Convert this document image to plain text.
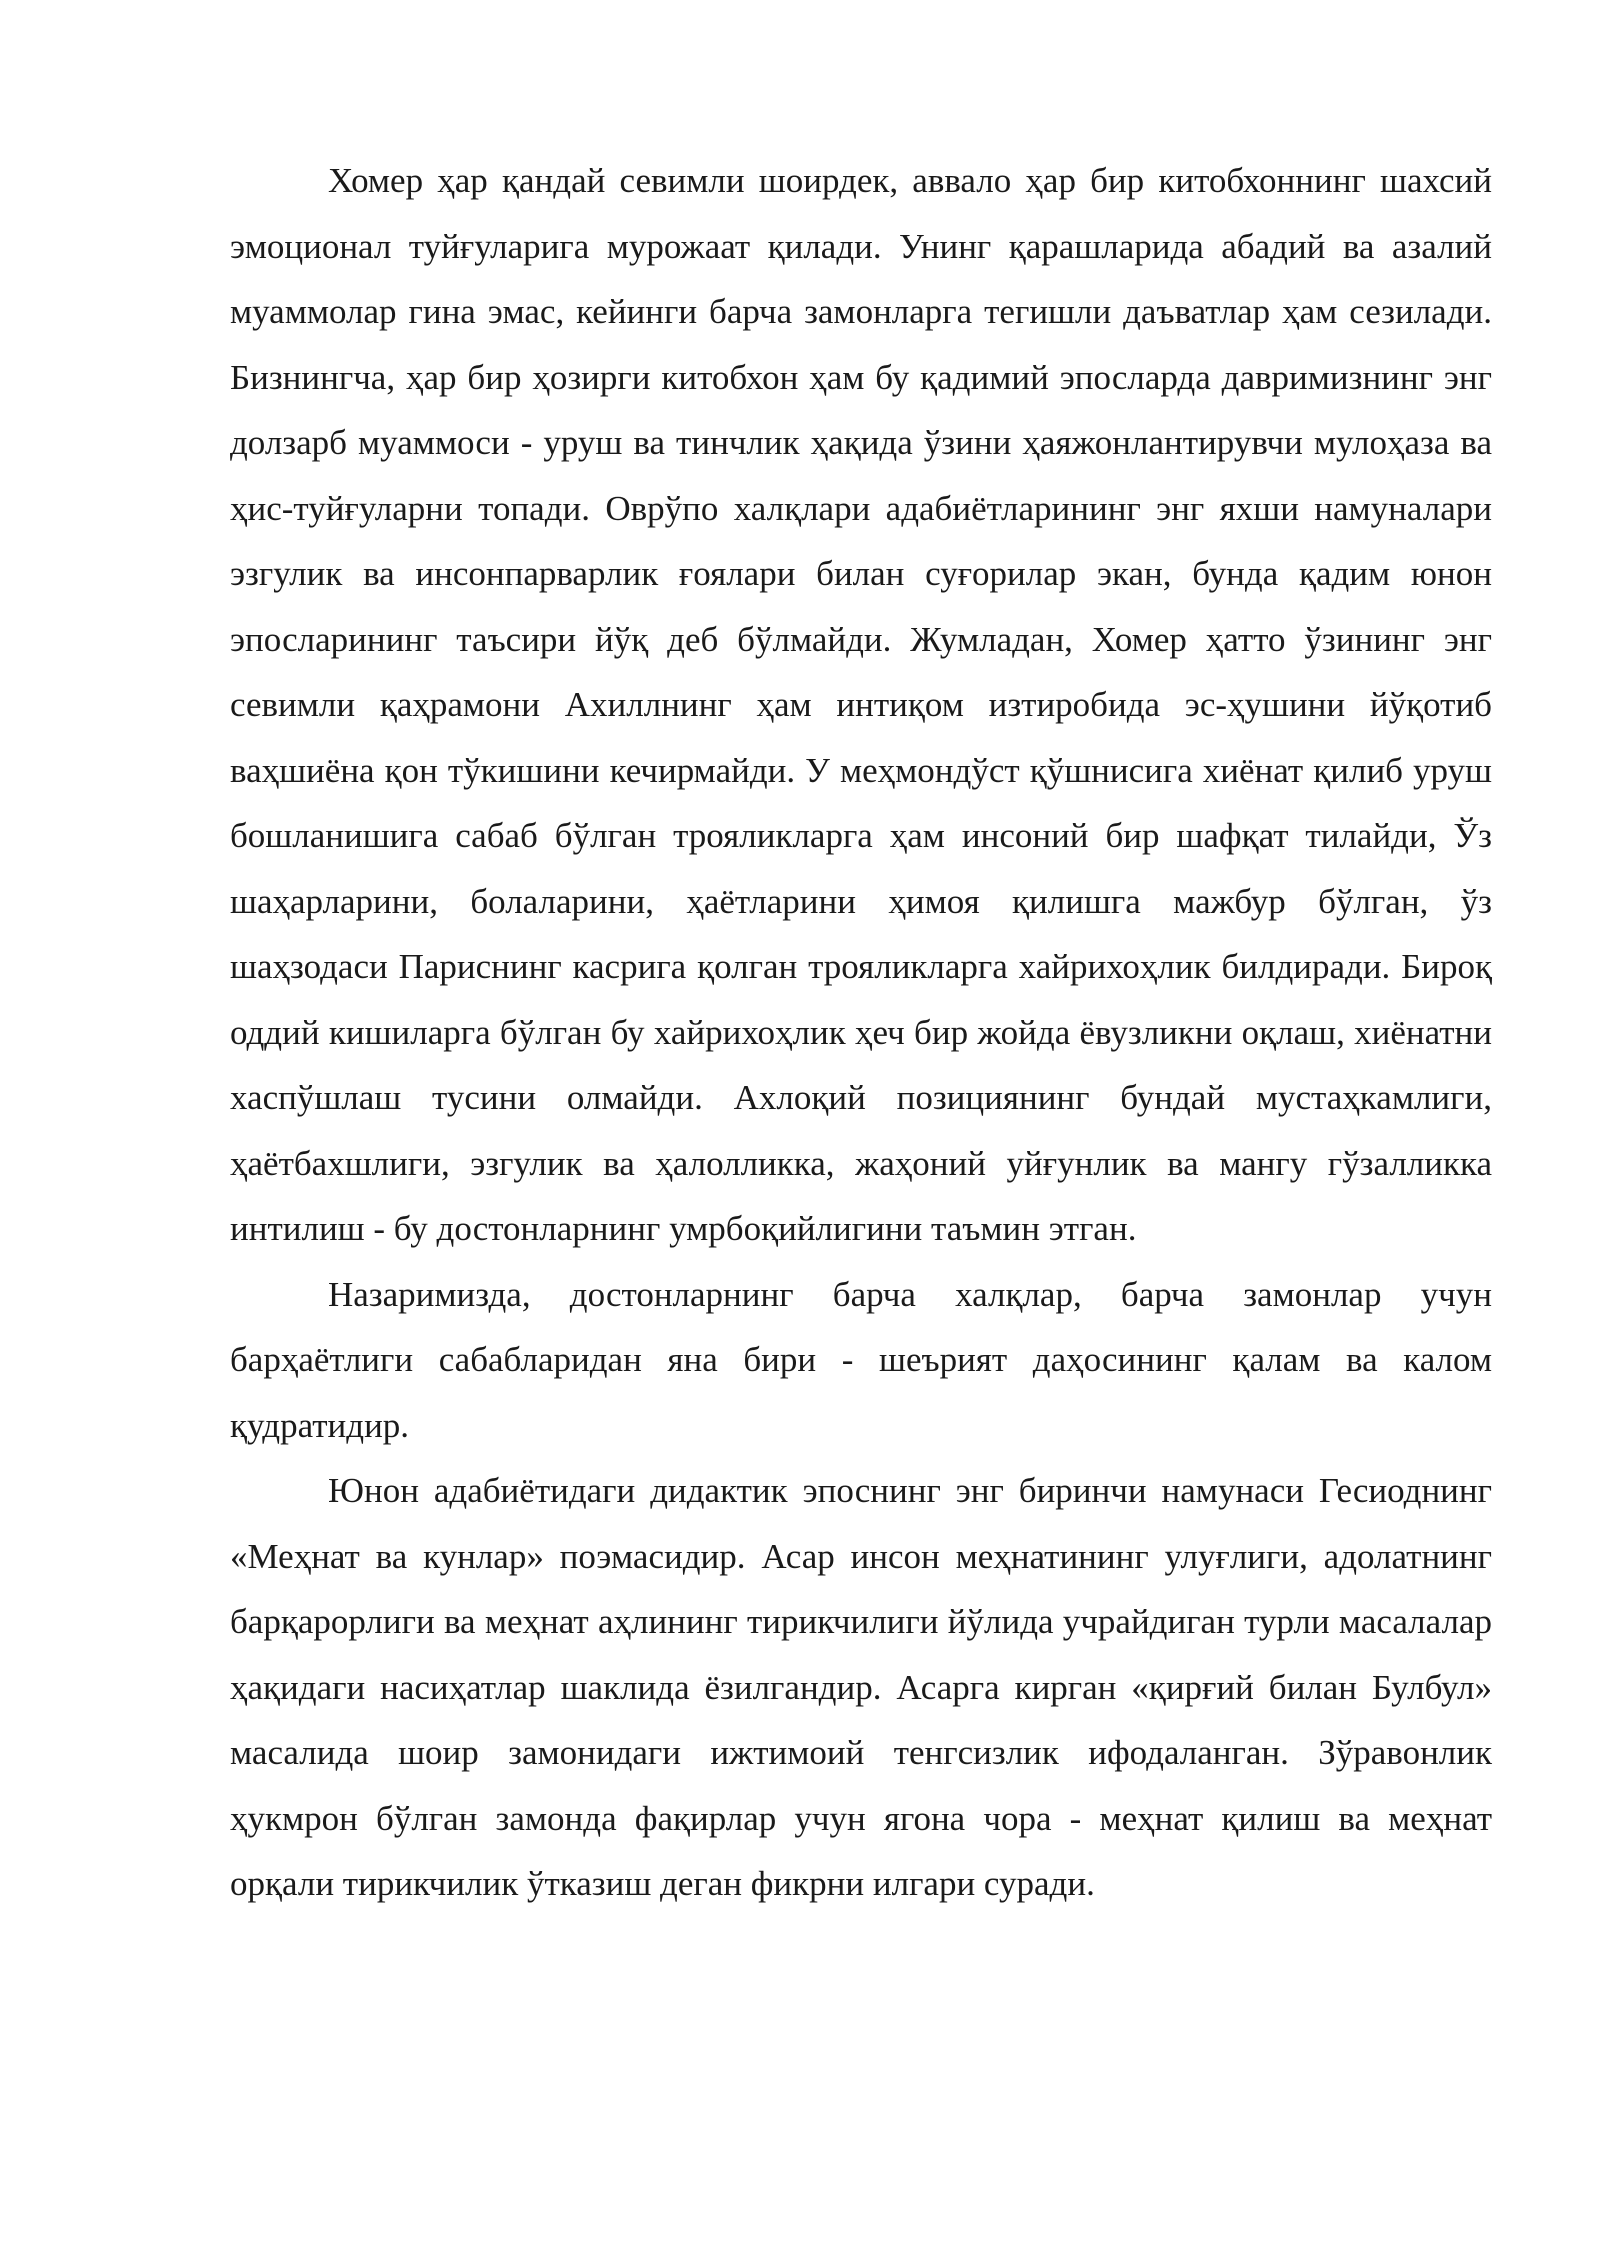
Хомер ҳар қандай севимли шоирдек, аввало ҳар бир китобхоннинг шахсий эмоционал туйғуларига мурожаат қилади. Унинг қарашларида абадий ва азалий муаммолар гина эмас, кейинги барча замонларга тегишли даъватлар ҳам сезилади. Бизнингча, ҳар бир ҳозирги китобхон ҳам бу қадимий эпосларда давримизнинг энг долзарб муаммоси - уруш ва тинчлик ҳақида ўзини ҳаяжонлантирувчи мулоҳаза ва ҳис-туйғуларни топади. Оврўпо халқлари адабиётларининг энг яхши намуналари эзгулик ва инсонпарварлик ғоялари билан суғорилар экан, бунда қадим юнон эпосларининг таъсири йўқ деб бўлмайди. Жумладан, Хомер ҳатто ўзининг энг севимли қаҳрамони Ахиллнинг ҳам интиқом изтиробида эс-ҳушини йўқотиб ваҳшиёна қон тўкишини кечирмайди. У меҳмондўст қўшнисига хиёнат қилиб уруш бошланишига сабаб бўлган трояликларга ҳам инсоний бир шафқат тилайди, Ўз шаҳарларини, болаларини, ҳаётларини ҳимоя қилишга мажбур бўлган, ўз шаҳзодаси Париснинг касрига қолган трояликларга хайрихоҳлик билдиради. Бироқ оддий кишиларга бўлган бу хайрихоҳлик ҳеч бир жойда ёвузликни оқлаш, хиёнатни хаспўшлаш тусини олмайди. Ахлоқий позициянинг бундай мустаҳкамлиги, ҳаётбахшлиги, эзгулик ва ҳалолликка, жаҳоний уйғунлик ва мангу гўзалликка интилиш - бу достонларнинг умрбоқийлигини таъмин этган.

Назаримизда, достонларнинг барча халқлар, барча замонлар учун барҳаётлиги сабабларидан яна бири - шеърият даҳосининг қалам ва калом қудратидир.

Юнон адабиётидаги дидактик эпоснинг энг биринчи намунаси Гесиоднинг «Меҳнат ва кунлар» поэмасидир. Асар инсон меҳнатининг улуғлиги, адолатнинг барқарорлиги ва меҳнат аҳлининг тирикчилиги йўлида учрайдиган турли масалалар ҳақидаги насиҳатлар шаклида ёзилгандир. Асарга кирган «қирғий билан Булбул» масалида шоир замонидаги ижтимоий тенгсизлик ифодаланган. Зўравонлик ҳукмрон бўлган замонда фақирлар учун ягона чора - меҳнат қилиш ва меҳнат орқали тирикчилик ўтказиш деган фикрни илгари суради.
